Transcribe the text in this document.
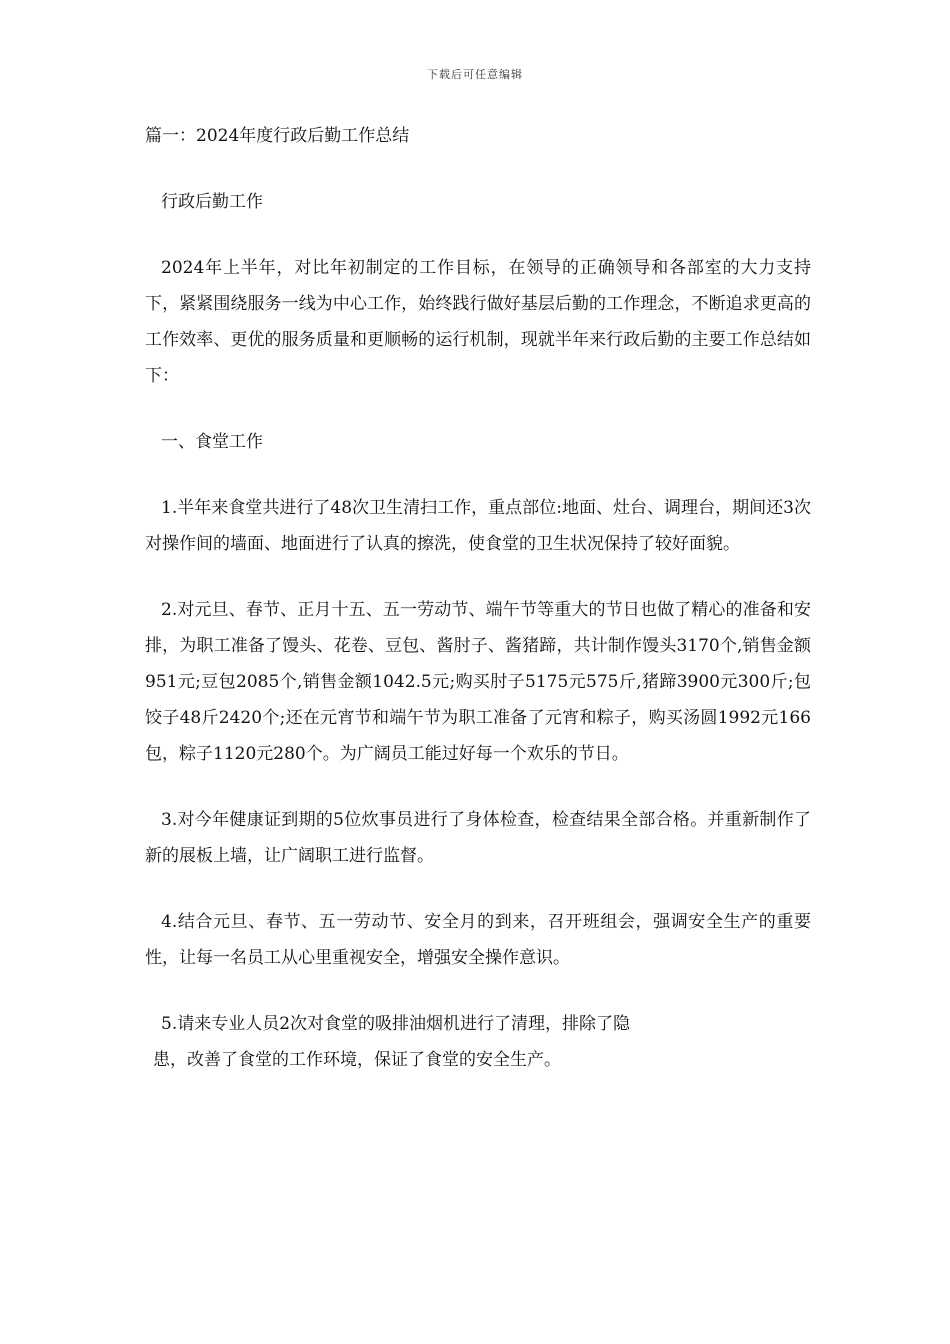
下载后可任意编辑

篇一：2024年度行政后勤工作总结

行政后勤工作

2024年上半年，对比年初制定的工作目标，在领导的正确领导和各部室的大力支持下，紧紧围绕服务一线为中心工作，始终践行做好基层后勤的工作理念，不断追求更高的工作效率、更优的服务质量和更顺畅的运行机制，现就半年来行政后勤的主要工作总结如下：

一、食堂工作

1.半年来食堂共进行了48次卫生清扫工作，重点部位:地面、灶台、调理台，期间还3次对操作间的墙面、地面进行了认真的擦洗，使食堂的卫生状况保持了较好面貌。

2.对元旦、春节、正月十五、五一劳动节、端午节等重大的节日也做了精心的准备和安排，为职工准备了馒头、花卷、豆包、酱肘子、酱猪蹄，共计制作馒头3170个,销售金额951元;豆包2085个,销售金额1042.5元;购买肘子5175元575斤,猪蹄3900元300斤;包饺子48斤2420个;还在元宵节和端午节为职工准备了元宵和粽子，购买汤圆1992元166包，粽子1120元280个。为广阔员工能过好每一个欢乐的节日。

3.对今年健康证到期的5位炊事员进行了身体检查，检查结果全部合格。并重新制作了新的展板上墙，让广阔职工进行监督。

4.结合元旦、春节、五一劳动节、安全月的到来，召开班组会，强调安全生产的重要性，让每一名员工从心里重视安全，增强安全操作意识。

5.请来专业人员2次对食堂的吸排油烟机进行了清理，排除了隐

患，改善了食堂的工作环境，保证了食堂的安全生产。
